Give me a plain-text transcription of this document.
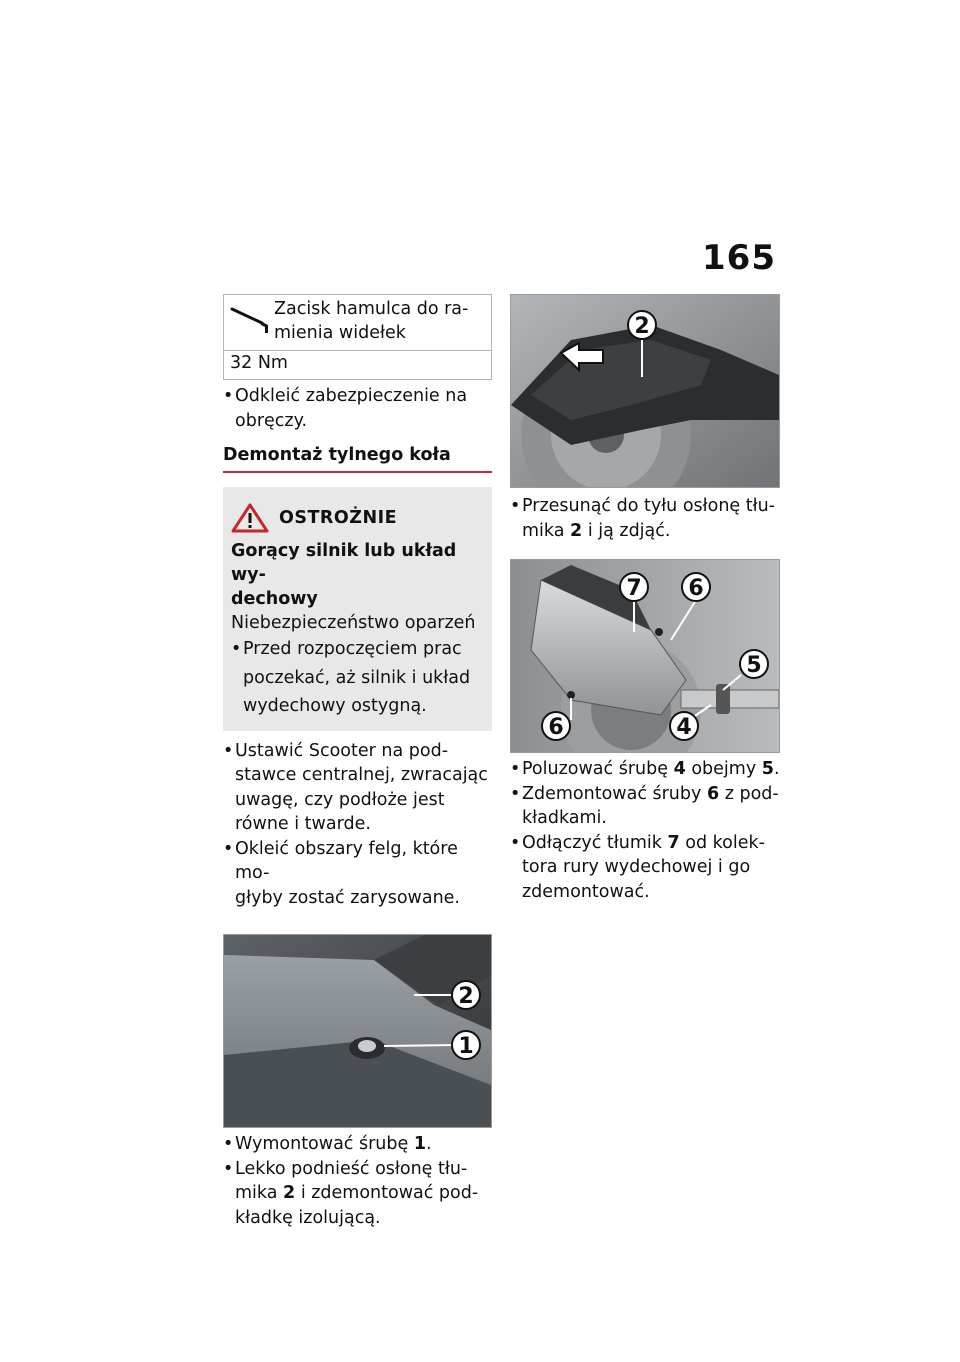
165
Zacisk hamulca do ra-
mienia widełek
32 Nm
• Odkleić zabezpieczenie na
obręczy.
Demontaż tylnego koła
OSTROŻNIE
Gorący silnik lub układ wy-
dechowy
Niebezpieczeństwo oparzeń
• Przed rozpoczęciem prac
poczekać, aż silnik i układ
wydechowy ostygną.
• Ustawić Scooter na pod-
stawce centralnej, zwracając
uwagę, czy podłoże jest
równe i twarde.
• Okleić obszary felg, które mo-
głyby zostać zarysowane.
2
1
• Wymontować śrubę 1.
• Lekko podnieść osłonę tłu-
mika 2 i zdemontować pod-
kładkę izolującą.
2
• Przesunąć do tyłu osłonę tłu-
mika 2 i ją zdjąć.
7 6
5
6	4
• Poluzować śrubę 4 obejmy 5.
• Zdemontować śruby 6 z pod-
kładkami.
• Odłączyć tłumik 7 od kolek-
tora rury wydechowej i go
zdemontować.
